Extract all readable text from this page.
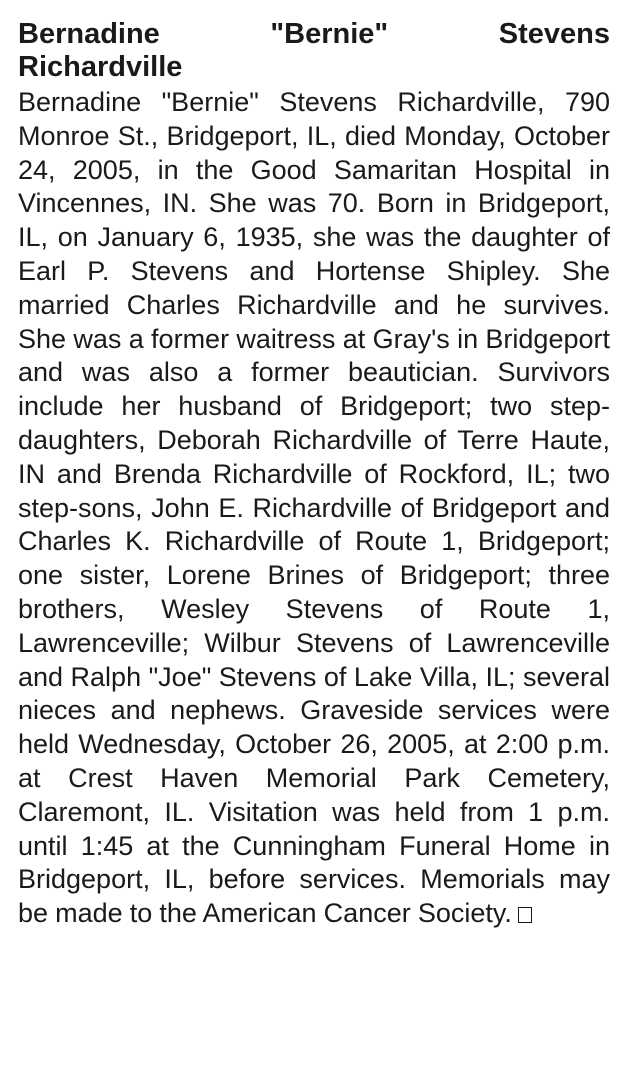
Bernadine "Bernie" Stevens
Richardville

Bernadine "Bernie" Stevens Richardville, 790 Monroe St., Bridgeport, IL, died Monday, October 24, 2005, in the Good Samaritan Hospital in Vincennes, IN. She was 70. Born in Bridgeport, IL, on January 6, 1935, she was the daughter of Earl P. Stevens and Hortense Shipley. She married Charles Richardville and he survives. She was a former waitress at Gray's in Bridgeport and was also a former beautician. Survivors include her husband of Bridgeport; two step-daughters, Deborah Richardville of Terre Haute, IN and Brenda Richardville of Rockford, IL; two step-sons, John E. Richardville of Bridgeport and Charles K. Richardville of Route 1, Bridgeport; one sister, Lorene Brines of Bridgeport; three brothers, Wesley Stevens of Route 1, Lawrenceville; Wilbur Stevens of Lawrenceville and Ralph "Joe" Stevens of Lake Villa, IL; several nieces and nephews. Graveside services were held Wednesday, October 26, 2005, at 2:00 p.m. at Crest Haven Memorial Park Cemetery, Claremont, IL. Visitation was held from 1 p.m. until 1:45 at the Cunningham Funeral Home in Bridgeport, IL, before services. Memorials may be made to the American Cancer Society.
